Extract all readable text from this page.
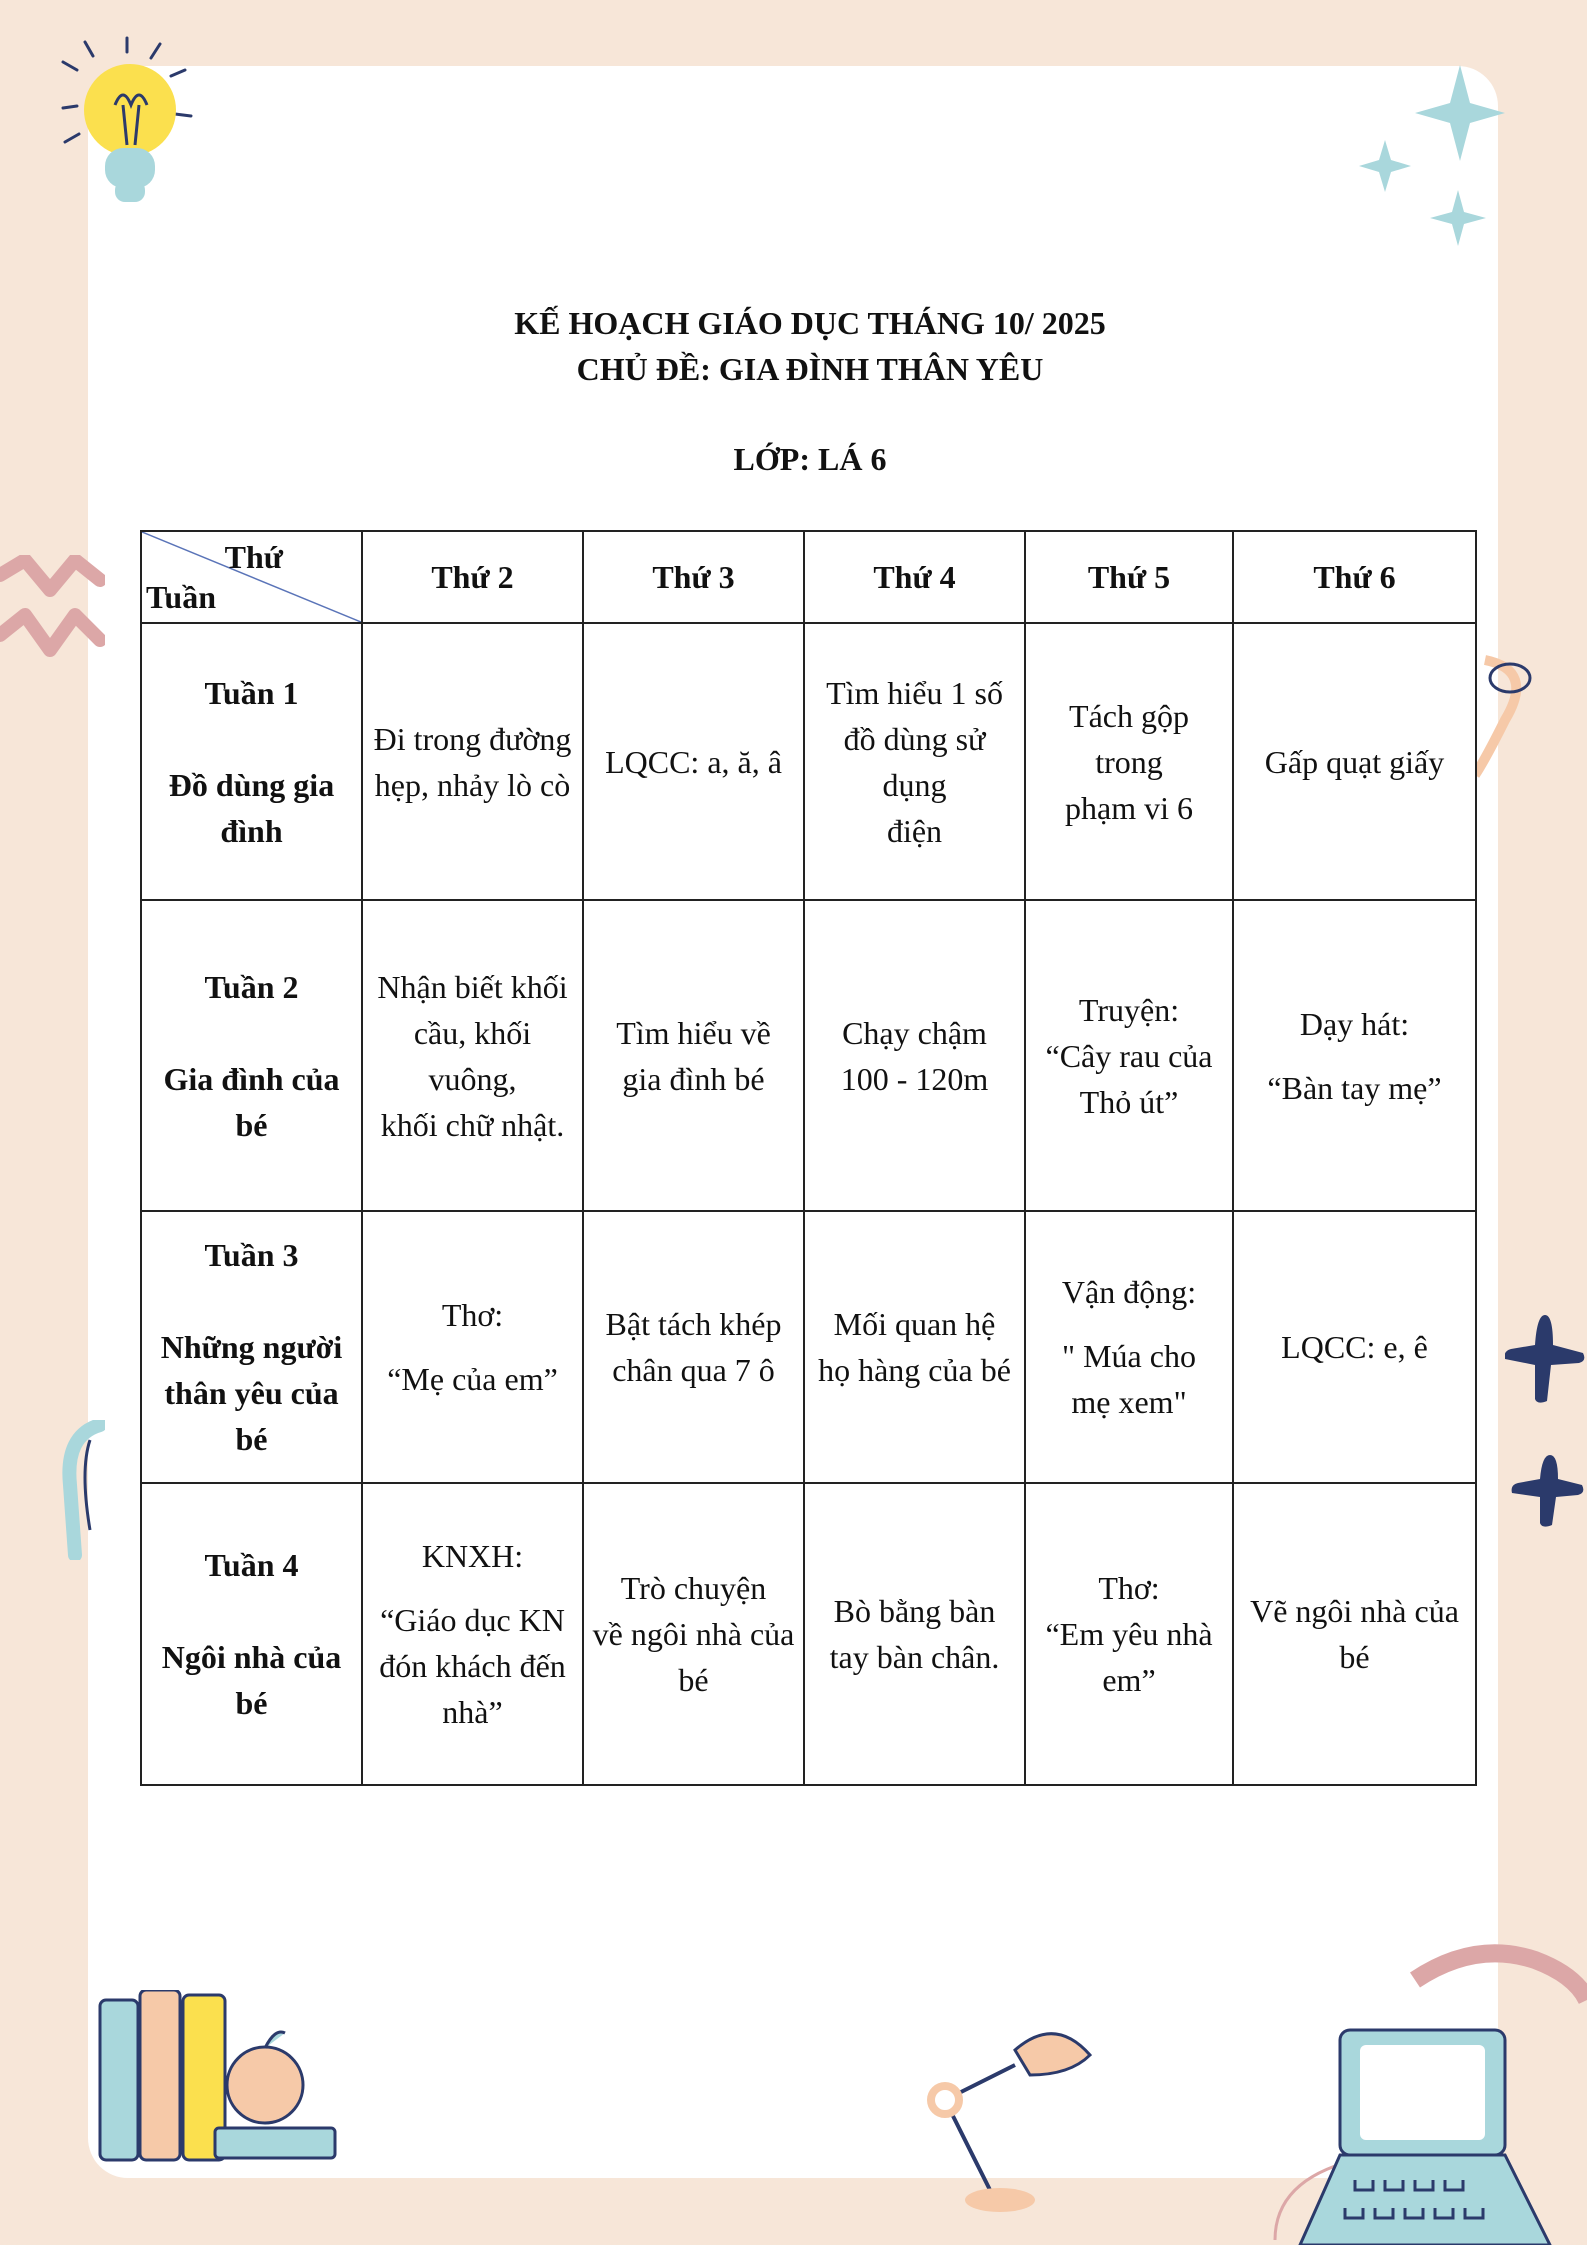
KẾ HOẠCH GIÁO DỤC THÁNG 10/ 2025
CHỦ ĐỀ: GIA ĐÌNH THÂN YÊU
LỚP: LÁ 6
Thứ
Tuần	Thứ 2	Thứ 3	Thứ 4	Thứ 5	Thứ 6

Tuần 1
Đồ dùng gia
đình	Đi trong đường
hẹp, nhảy lò cò	LQCC: a, ă, â	Tìm hiểu 1 số
đồ dùng sử
dụng
điện	Tách gộp
trong
phạm vi 6	Gấp quạt giấy

Tuần 2
Gia đình của
bé	Nhận biết khối
cầu, khối
vuông,
khối chữ nhật.	Tìm hiểu về
gia đình bé	Chạy chậm
100 - 120m	Truyện:
“Cây rau của
Thỏ út”	Dạy hát:
“Bàn tay mẹ”

Tuần 3
Những người
thân yêu của
bé	Thơ:
“Mẹ của em”	Bật tách khép
chân qua 7 ô	Mối quan hệ
họ hàng của bé	Vận động:
" Múa cho
mẹ xem"	LQCC: e, ê

Tuần 4
Ngôi nhà của
bé	KNXH:
“Giáo dục KN
đón khách đến
nhà”	Trò chuyện
về ngôi nhà của
bé	Bò bằng bàn
tay bàn chân.	Thơ:
“Em yêu nhà
em”	Vẽ ngôi nhà của
bé
